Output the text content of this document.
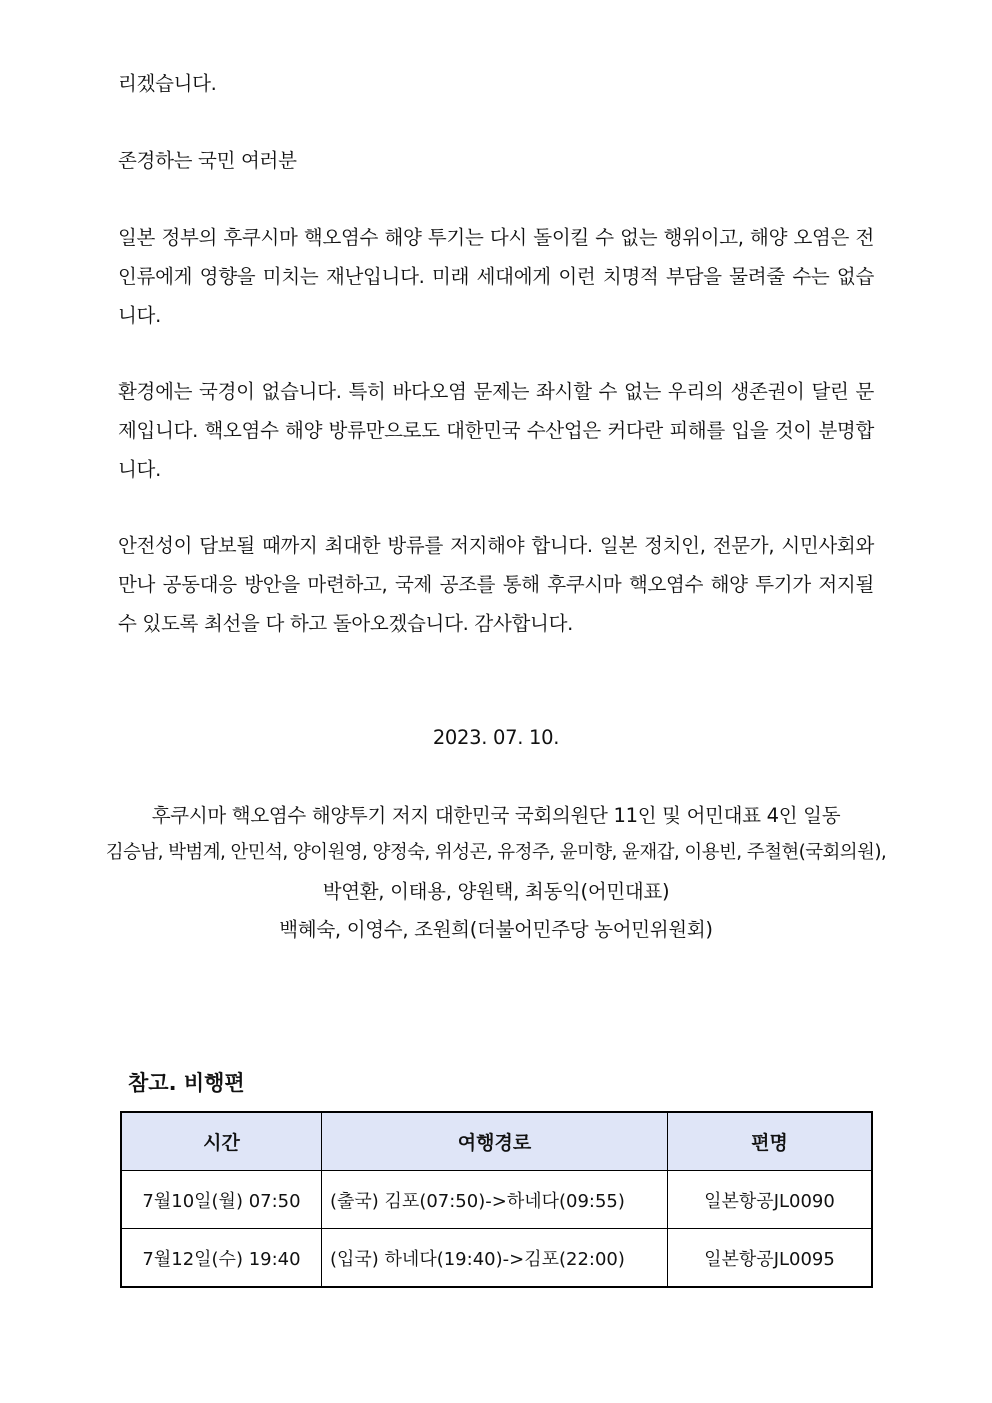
리겠습니다.
존경하는 국민 여러분
일본 정부의 후쿠시마 핵오염수 해양 투기는 다시 돌이킬 수 없는 행위이고, 해양 오염은 전 인류에게 영향을 미치는 재난입니다. 미래 세대에게 이런 치명적 부담을 물려줄 수는 없습니다.
환경에는 국경이 없습니다. 특히 바다오염 문제는 좌시할 수 없는 우리의 생존권이 달린 문제입니다. 핵오염수 해양 방류만으로도 대한민국 수산업은 커다란 피해를 입을 것이 분명합니다.
안전성이 담보될 때까지 최대한 방류를 저지해야 합니다. 일본 정치인, 전문가, 시민사회와 만나 공동대응 방안을 마련하고, 국제 공조를 통해 후쿠시마 핵오염수 해양 투기가 저지될 수 있도록 최선을 다 하고 돌아오겠습니다. 감사합니다.
2023. 07. 10.
후쿠시마 핵오염수 해양투기 저지 대한민국 국회의원단 11인 및 어민대표 4인 일동
김승남, 박범계, 안민석, 양이원영, 양정숙, 위성곤, 유정주, 윤미향, 윤재갑, 이용빈, 주철현(국회의원),
박연환, 이태용, 양원택, 최동익(어민대표)
백혜숙, 이영수, 조원희(더불어민주당 농어민위원회)
참고. 비행편
시간	여행경로	편명
7월10일(월) 07:50	(출국) 김포(07:50)->하네다(09:55)	일본항공JL0090
7월12일(수) 19:40	(입국) 하네다(19:40)->김포(22:00)	일본항공JL0095
